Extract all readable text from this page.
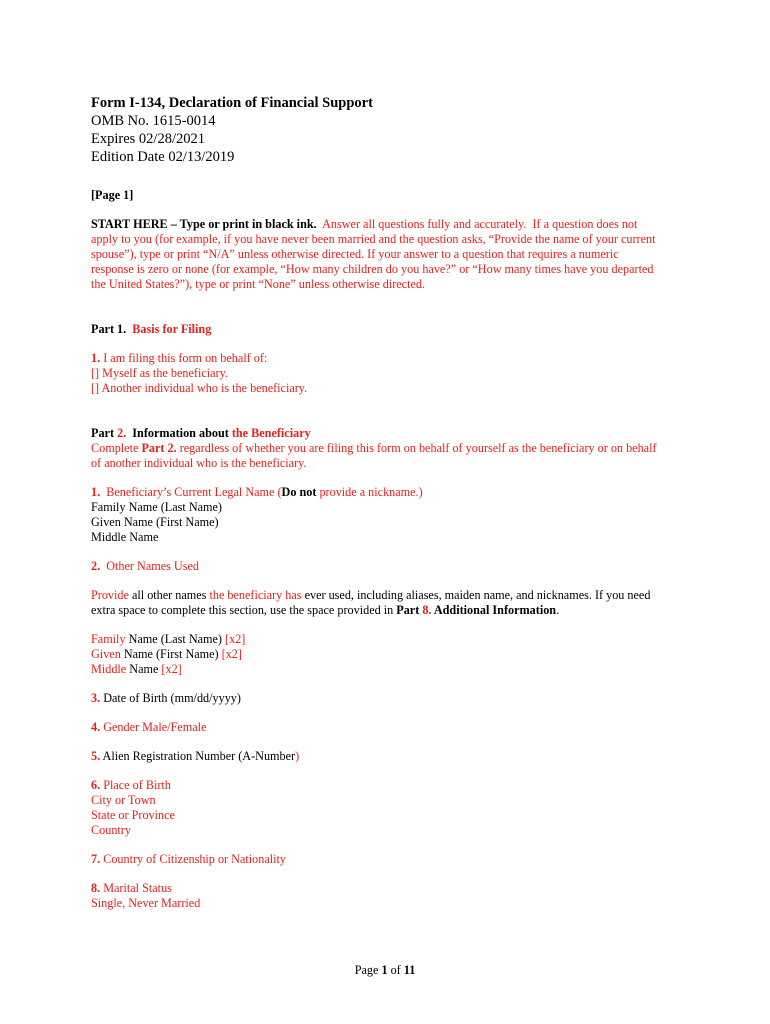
Form I-134, Declaration of Financial Support

OMB No. 1615-0014

Expires 02/28/2021

Edition Date 02/13/2019

[Page 1]

START HERE – Type or print in black ink.  Answer all questions fully and accurately.  If a question does not

apply to you (for example, if you have never been married and the question asks, “Provide the name of your current

spouse”), type or print “N/A” unless otherwise directed. If your answer to a question that requires a numeric

response is zero or none (for example, “How many children do you have?” or “How many times have you departed

the United States?”), type or print “None” unless otherwise directed.

Part 1.  Basis for Filing

1. I am filing this form on behalf of:

[] Myself as the beneficiary.

[] Another individual who is the beneficiary.

Part 2.  Information about the Beneficiary

Complete Part 2. regardless of whether you are filing this form on behalf of yourself as the beneficiary or on behalf

of another individual who is the beneficiary.

1.  Beneficiary’s Current Legal Name (Do not provide a nickname.)

Family Name (Last Name)

Given Name (First Name)

Middle Name

2.  Other Names Used

Provide all other names the beneficiary has ever used, including aliases, maiden name, and nicknames. If you need

extra space to complete this section, use the space provided in Part 8. Additional Information.

Family Name (Last Name) [x2]

Given Name (First Name) [x2]

Middle Name [x2]

3. Date of Birth (mm/dd/yyyy)

4. Gender Male/Female

5. Alien Registration Number (A-Number)

6. Place of Birth

City or Town

State or Province

Country

7. Country of Citizenship or Nationality

8. Marital Status

Single, Never Married

Page 1 of 11
